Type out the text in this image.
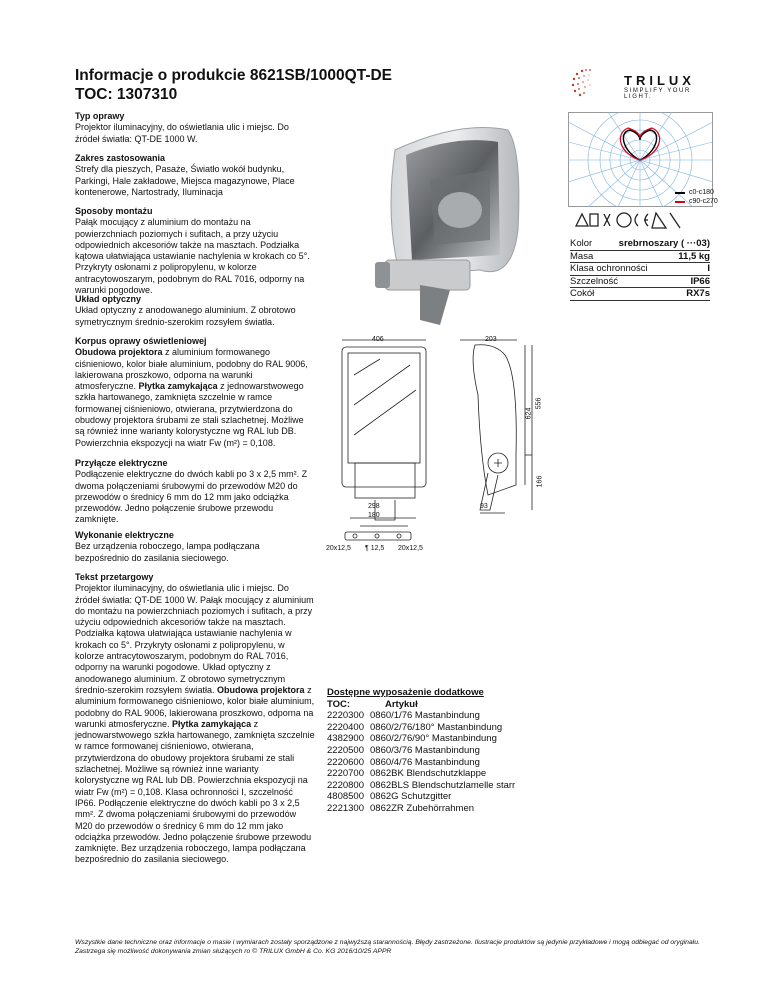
Informacje o produkcie 8621SB/1000QT-DE
TOC: 1307310
TRILUX
SIMPLIFY YOUR LIGHT.

Typ oprawy

Projektor iluminacyjny, do oświetlania ulic i miejsc. Do źródeł światła: QT-DE 1000 W.

Zakres zastosowania

Strefy dla pieszych, Pasaże, Światło wokół budynku, Parkingi, Hale zakładowe, Miejsca magazynowe, Place kontenerowe, Nartostrady, Iluminacja

Sposoby montażu

Pałąk mocujący z aluminium do montażu na powierzchniach poziomych i sufitach, a przy użyciu odpowiednich akcesoriów także na masztach. Podziałka kątowa ułatwiająca ustawianie nachylenia w krokach co 5°. Przykryty osłonami z polipropylenu, w kolorze antracytowoszarym, podobnym do RAL 7016, odporny na warunki pogodowe.

Układ optyczny

Układ optyczny z anodowanego aluminium. Z obrotowo symetrycznym średnio-szerokim rozsyłem światła.

Korpus oprawy oświetleniowej

Obudowa projektora z aluminium formowanego ciśnieniowo, kolor białe aluminium, podobny do RAL 9006, lakierowana proszkowo, odporna na warunki atmosferyczne. Płytka zamykająca z jednowarstwowego szkła hartowanego, zamknięta szczelnie w ramce formowanej ciśnieniowo, otwierana, przytwierdzona do obudowy projektora śrubami ze stali szlachetnej. Możliwe są również inne warianty kolorystyczne wg RAL lub DB. Powierzchnia ekspozycji na wiatr Fw (m²) = 0,108.

Przyłącze elektryczne

Podłączenie elektryczne do dwóch kabli po 3 x 2,5 mm². Z dwoma połączeniami śrubowymi do przewodów M20 do przewodów o średnicy 6 mm do 12 mm jako odciążka przewodów. Jedno połączenie śrubowe przewodu zamknięte.

Wykonanie elektryczne

Bez urządzenia roboczego, lampa podłączana bezpośrednio do zasilania sieciowego.

Tekst przetargowy

Projektor iluminacyjny, do oświetlania ulic i miejsc. Do źródeł światła: QT-DE 1000 W. Pałąk mocujący z aluminium do montażu na powierzchniach poziomych i sufitach, a przy użyciu odpowiednich akcesoriów także na masztach. Podziałka kątowa ułatwiająca ustawianie nachylenia w krokach co 5°. Przykryty osłonami z polipropylenu, w kolorze antracytowoszarym, podobnym do RAL 7016, odporny na warunki pogodowe. Układ optyczny z anodowanego aluminium. Z obrotowo symetrycznym średnio-szerokim rozsyłem światła. Obudowa projektora z aluminium formowanego ciśnieniowo, kolor białe aluminium, podobny do RAL 9006, lakierowana proszkowo, odporna na warunki atmosferyczne. Płytka zamykająca z jednowarstwowego szkła hartowanego, zamknięta szczelnie w ramce formowanej ciśnieniowo, otwierana, przytwierdzona do obudowy projektora śrubami ze stali szlachetnej. Możliwe są również inne warianty kolorystyczne wg RAL lub DB. Powierzchnia ekspozycji na wiatr Fw (m²) = 0,108. Klasa ochronności I, szczelność IP66. Podłączenie elektryczne do dwóch kabli po 3 x 2,5 mm². Z dwoma połączeniami śrubowymi do przewodów M20 do przewodów o średnicy 6 mm do 12 mm jako odciążka przewodów. Jedno połączenie śrubowe przewodu zamknięte. Bez urządzenia roboczego, lampa podłączana bezpośrednio do zasilania sieciowego.

c0-c180
c90-c270
Kolor	srebrnoszary ( ···03)
Masa	11,5 kg
Klasa ochronności	I
Szczelność	IP66
Cokół	RX7s
406	203
624
556
166
298
180
93
20x12,5 ¶ 12,5 20x12,5
Dostępne wyposażenie dodatkowe
TOC:	Artykuł
2220300 0860/1/76 Mastanbindung
2220400 0860/2/76/180° Mastanbindung
4382900 0860/2/76/90° Mastanbindung
2220500 0860/3/76 Mastanbindung
2220600 0860/4/76 Mastanbindung
2220700 0862BK Blendschutzklappe
2220800 0862BLS Blendschutzlamelle starr
4808500 0862G Schutzgitter
2221300 0862ZR Zubehörrahmen
Wszystkie dane techniczne oraz informacje o masie i wymiarach zostały sporządzone z najwyższą starannością. Błędy zastrzeżone. Ilustracje produktów są jedynie przykładowe i mogą odbiegać od oryginału. Zastrzega się możliwość dokonywania zmian służących ro © TRILUX GmbH & Co. KG 2016/10/25 APPR
